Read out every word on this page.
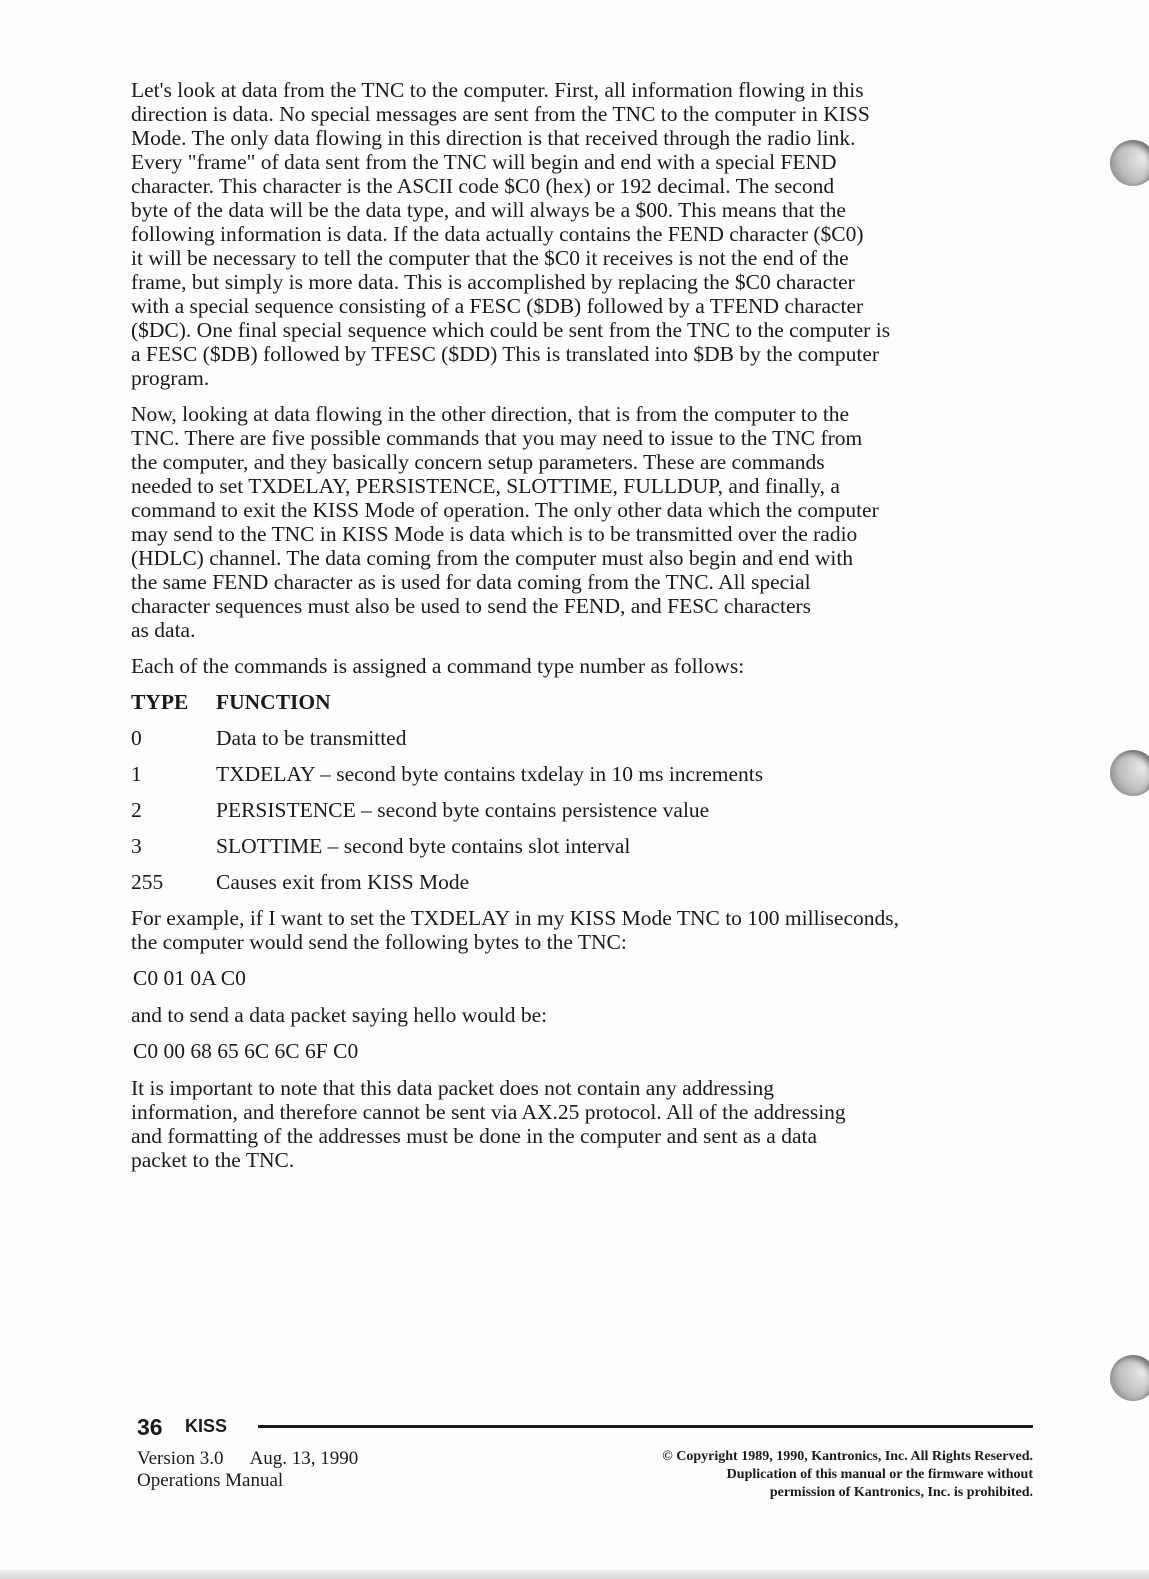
Let's look at data from the TNC to the computer. First, all information flowing in this
direction is data. No special messages are sent from the TNC to the computer in KISS
Mode. The only data flowing in this direction is that received through the radio link.
Every "frame" of data sent from the TNC will begin and end with a special FEND
character. This character is the ASCII code $C0 (hex) or 192 decimal. The second
byte of the data will be the data type, and will always be a $00. This means that the
following information is data. If the data actually contains the FEND character ($C0)
it will be necessary to tell the computer that the $C0 it receives is not the end of the
frame, but simply is more data. This is accomplished by replacing the $C0 character
with a special sequence consisting of a FESC ($DB) followed by a TFEND character
($DC). One final special sequence which could be sent from the TNC to the computer is
a FESC ($DB) followed by TFESC ($DD) This is translated into $DB by the computer
program.

Now, looking at data flowing in the other direction, that is from the computer to the
TNC. There are five possible commands that you may need to issue to the TNC from
the computer, and they basically concern setup parameters. These are commands
needed to set TXDELAY, PERSISTENCE, SLOTTIME, FULLDUP, and finally, a
command to exit the KISS Mode of operation. The only other data which the computer
may send to the TNC in KISS Mode is data which is to be transmitted over the radio
(HDLC) channel. The data coming from the computer must also begin and end with
the same FEND character as is used for data coming from the TNC. All special
character sequences must also be used to send the FEND, and FESC characters
as data.

Each of the commands is assigned a command type number as follows:

TYPE	FUNCTION
0	Data to be transmitted
1	TXDELAY – second byte contains txdelay in 10 ms increments
2	PERSISTENCE – second byte contains persistence value
3	SLOTTIME – second byte contains slot interval
255	Causes exit from KISS Mode

For example, if I want to set the TXDELAY in my KISS Mode TNC to 100 milliseconds,
the computer would send the following bytes to the TNC:

C0 01 0A C0

and to send a data packet saying hello would be:

C0 00 68 65 6C 6C 6F C0

It is important to note that this data packet does not contain any addressing
information, and therefore cannot be sent via AX.25 protocol. All of the addressing
and formatting of the addresses must be done in the computer and sent as a data
packet to the TNC.

36 KISS
Version 3.0 Aug. 13, 1990
Operations Manual
© Copyright 1989, 1990, Kantronics, Inc. All Rights Reserved.
Duplication of this manual or the firmware without
permission of Kantronics, Inc. is prohibited.
